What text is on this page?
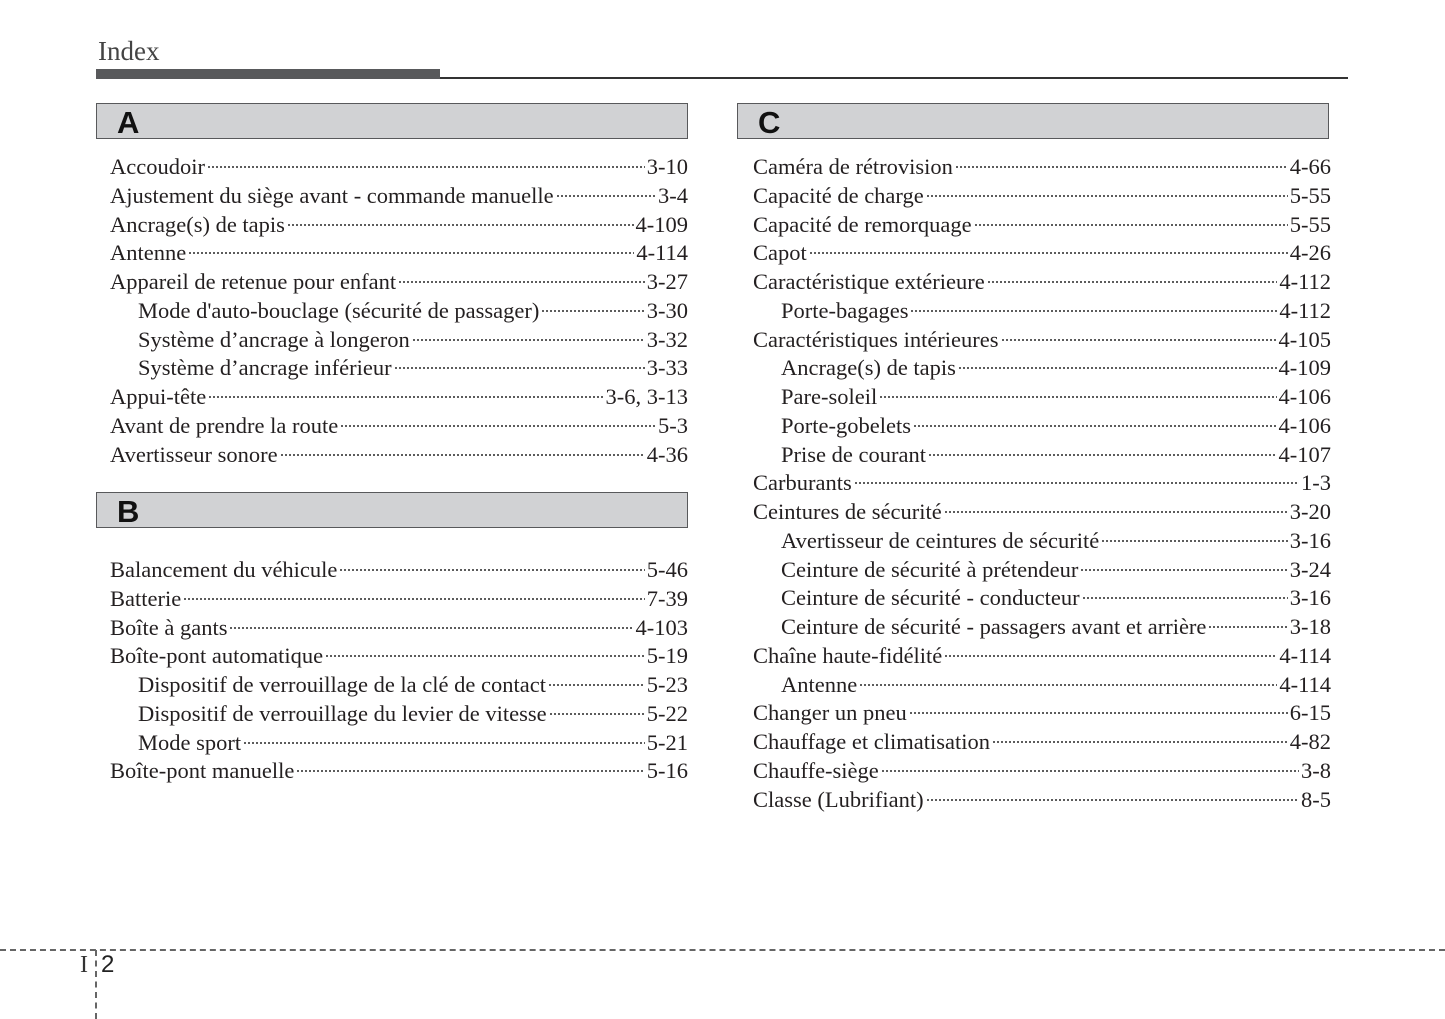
Index
A
Accoudoir	3-10
Ajustement du siège avant - commande manuelle	3-4
Ancrage(s) de tapis	4-109
Antenne	4-114
Appareil de retenue pour enfant	3-27
Mode d'auto-bouclage (sécurité de passager)	3-30
Système d’ancrage à longeron	3-32
Système d’ancrage inférieur	3-33
Appui-tête	3-6, 3-13
Avant de prendre la route	5-3
Avertisseur sonore	4-36
B
Balancement du véhicule	5-46
Batterie	7-39
Boîte à gants	4-103
Boîte-pont automatique	5-19
Dispositif de verrouillage de la clé de contact	5-23
Dispositif de verrouillage du levier de vitesse	5-22
Mode sport	5-21
Boîte-pont manuelle	5-16
C
Caméra de rétrovision	4-66
Capacité de charge	5-55
Capacité de remorquage	5-55
Capot	4-26
Caractéristique extérieure	4-112
Porte-bagages	4-112
Caractéristiques intérieures	4-105
Ancrage(s) de tapis	4-109
Pare-soleil	4-106
Porte-gobelets	4-106
Prise de courant	4-107
Carburants	1-3
Ceintures de sécurité	3-20
Avertisseur de ceintures de sécurité	3-16
Ceinture de sécurité à prétendeur	3-24
Ceinture de sécurité - conducteur	3-16
Ceinture de sécurité - passagers avant et arrière	3-18
Chaîne haute-fidélité	4-114
Antenne	4-114
Changer un pneu	6-15
Chauffage et climatisation	4-82
Chauffe-siège	3-8
Classe (Lubrifiant)	8-5
I 2
